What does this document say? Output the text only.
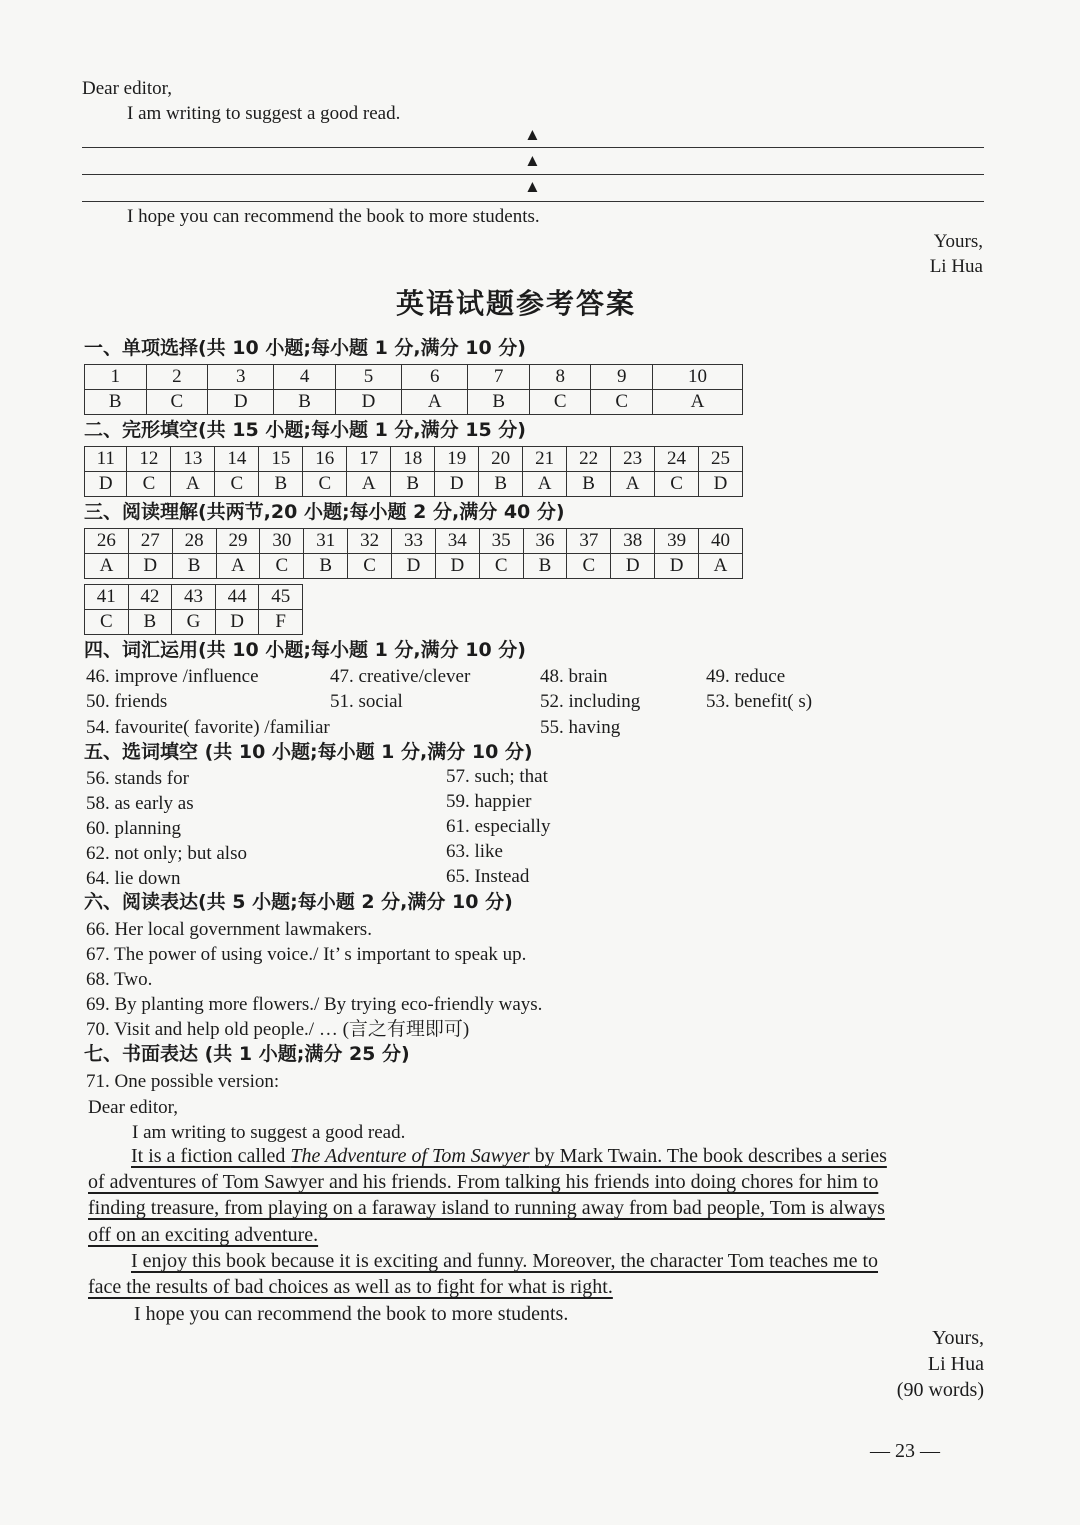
Dear editor,
I am writing to suggest a good read.
▲
▲
▲
I hope you can recommend the book to more students.
Yours,
Li Hua
英语试题参考答案
一、单项选择(共 10 小题;每小题 1 分,满分 10 分)
1	2	3	4	5	6	7	8	9	10
B	C	D	B	D	A	B	C	C	A
二、完形填空(共 15 小题;每小题 1 分,满分 15 分)
11	12	13	14	15	16	17	18	19	20	21	22	23	24	25
D	C	A	C	B	C	A	B	D	B	A	B	A	C	D
三、阅读理解(共两节,20 小题;每小题 2 分,满分 40 分)
26	27	28	29	30	31	32	33	34	35	36	37	38	39	40
A	D	B	A	C	B	C	D	D	C	B	C	D	D	A
41	42	43	44	45
C	B	G	D	F
四、词汇运用(共 10 小题;每小题 1 分,满分 10 分)
46. improve /influence	47. creative/clever	48. brain	49. reduce
50. friends	51. social	52. including	53. benefit( s)
54. favourite( favorite) /familiar	55. having
五、选词填空 (共 10 小题;每小题 1 分,满分 10 分)
56. stands for	57. such; that
58. as early as	59. happier
60. planning	61. especially
62. not only; but also	63. like
64. lie down	65. Instead
六、阅读表达(共 5 小题;每小题 2 分,满分 10 分)
66. Her local government lawmakers.
67. The power of using voice./ It’ s important to speak up.
68. Two.
69. By planting more flowers./ By trying eco-friendly ways.
70. Visit and help old people./ … (言之有理即可)
七、书面表达 (共 1 小题;满分 25 分)
71. One possible version:
Dear editor,
I am writing to suggest a good read.
It is a fiction called The Adventure of Tom Sawyer by Mark Twain. The book describes a series
of adventures of Tom Sawyer and his friends. From talking his friends into doing chores for him to
finding treasure, from playing on a faraway island to running away from bad people, Tom is always
off on an exciting adventure.
I enjoy this book because it is exciting and funny. Moreover, the character Tom teaches me to
face the results of bad choices as well as to fight for what is right.
I hope you can recommend the book to more students.
Yours,
Li Hua
(90 words)
— 23 —
